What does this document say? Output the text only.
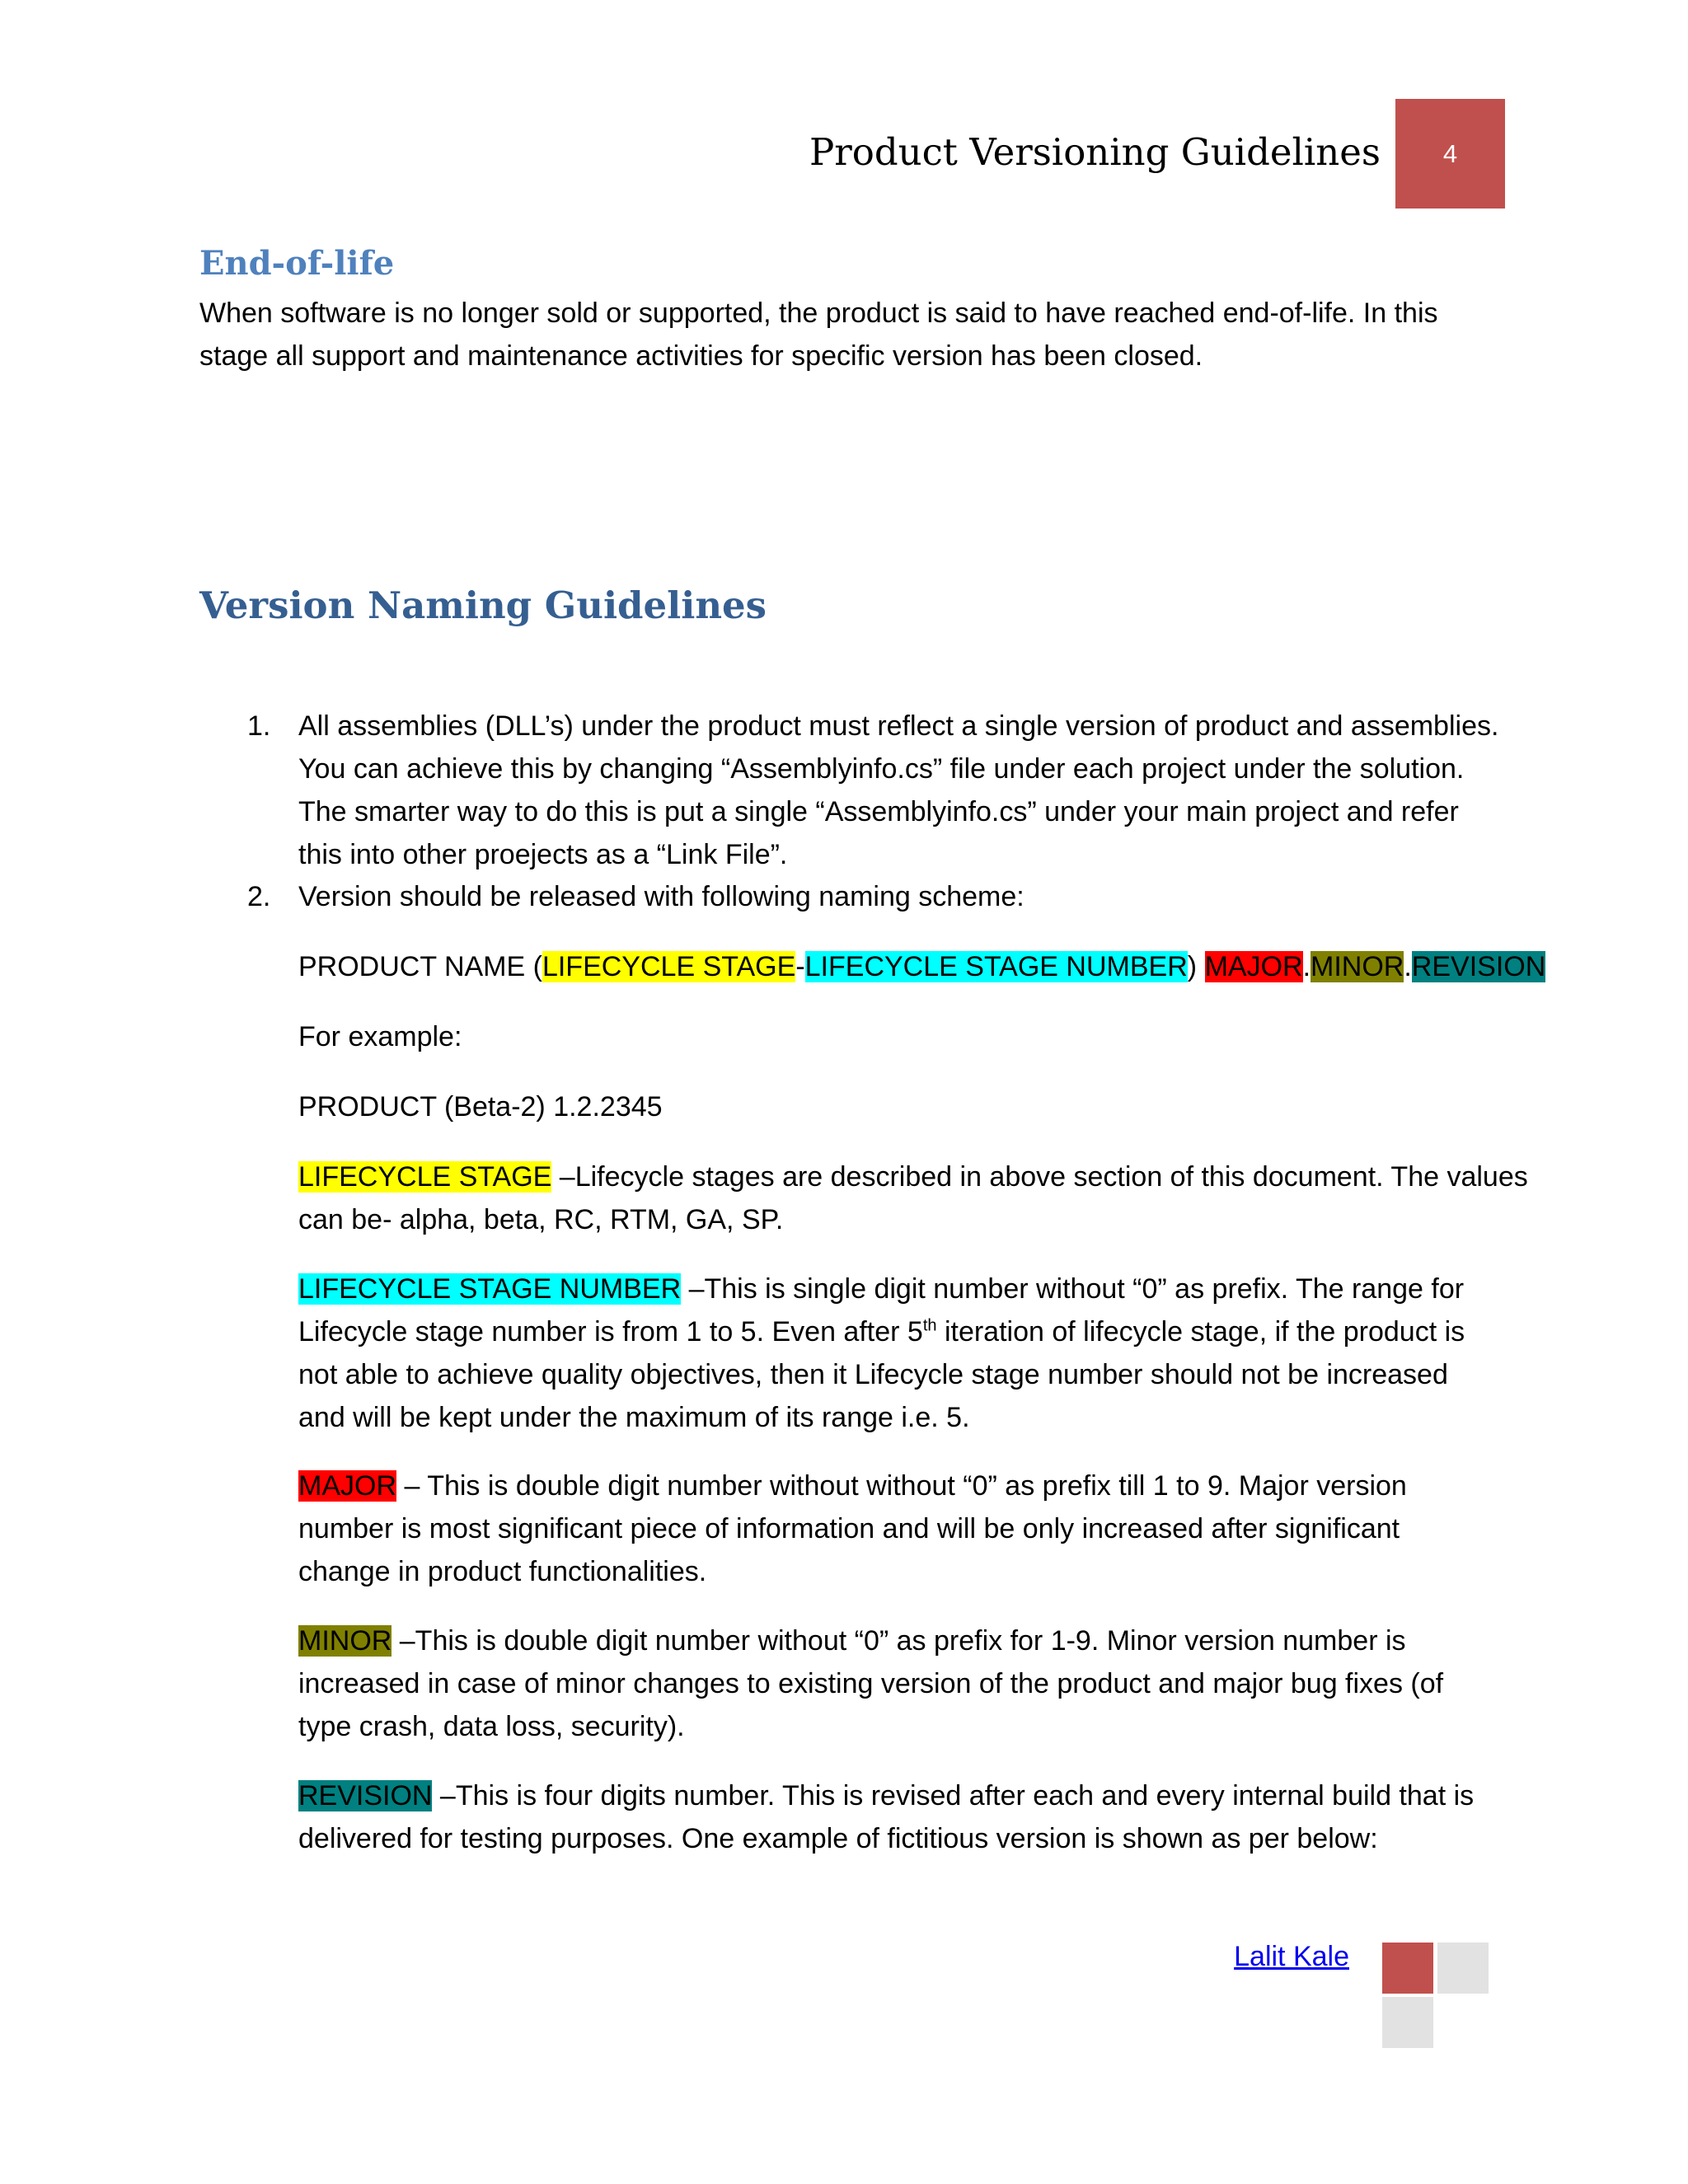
Product Versioning Guidelines 4
End-of-life
When software is no longer sold or supported, the product is said to have reached end-of-life. In this
stage all support and maintenance activities for specific version has been closed.
Version Naming Guidelines
1. All assemblies (DLL’s) under the product must reflect a single version of product and assemblies.
You can achieve this by changing “Assemblyinfo.cs” file under each project under the solution.
The smarter way to do this is put a single “Assemblyinfo.cs” under your main project and refer
this into other proejects as a “Link File”.
2. Version should be released with following naming scheme:
PRODUCT NAME (LIFECYCLE STAGE-LIFECYCLE STAGE NUMBER) MAJOR.MINOR.REVISION
For example:
PRODUCT (Beta-2) 1.2.2345
LIFECYCLE STAGE –Lifecycle stages are described in above section of this document. The values
can be- alpha, beta, RC, RTM, GA, SP.
LIFECYCLE STAGE NUMBER –This is single digit number without “0” as prefix. The range for
Lifecycle stage number is from 1 to 5. Even after 5th iteration of lifecycle stage, if the product is
not able to achieve quality objectives, then it Lifecycle stage number should not be increased
and will be kept under the maximum of its range i.e. 5.
MAJOR – This is double digit number without without “0” as prefix till 1 to 9. Major version
number is most significant piece of information and will be only increased after significant
change in product functionalities.
MINOR –This is double digit number without “0” as prefix for 1-9. Minor version number is
increased in case of minor changes to existing version of the product and major bug fixes (of
type crash, data loss, security).
REVISION –This is four digits number. This is revised after each and every internal build that is
delivered for testing purposes. One example of fictitious version is shown as per below:
Lalit Kale
